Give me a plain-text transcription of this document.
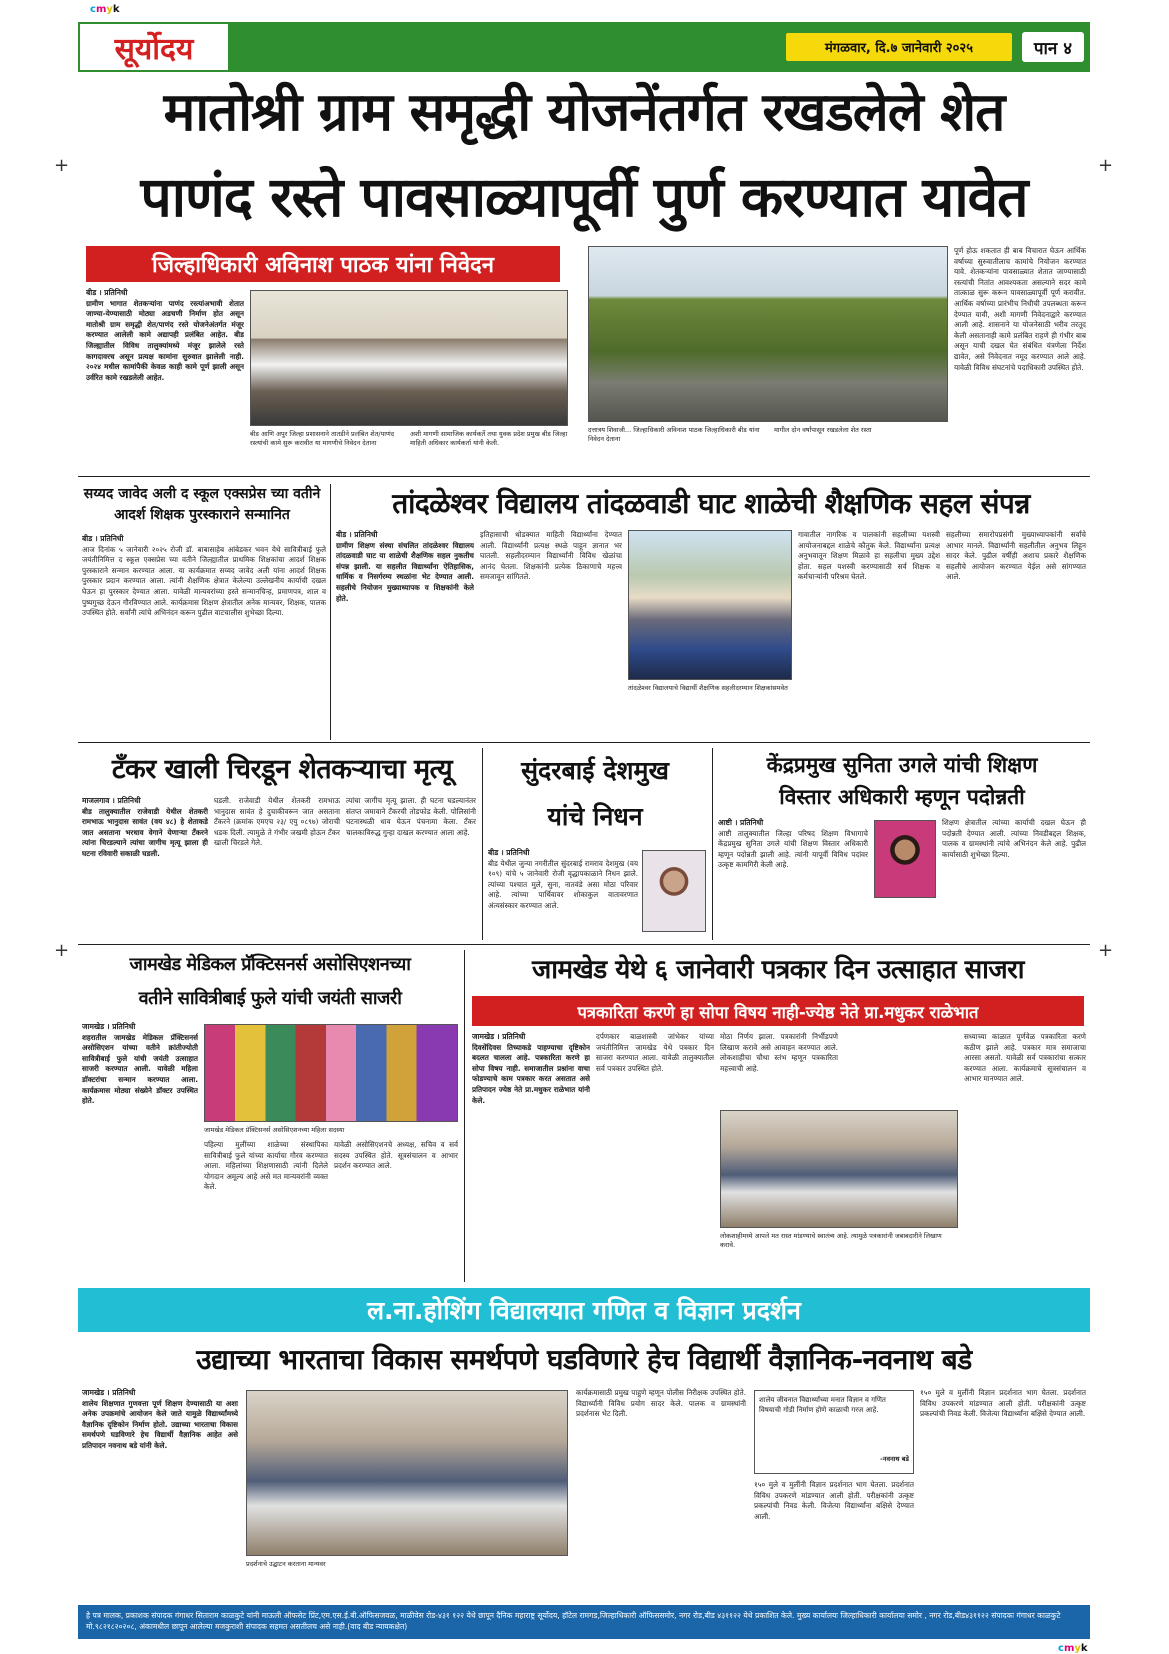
cmyk
cmyk
+	+
+	+
सूर्योदय	मंगळवार, दि.७ जानेवारी २०२५	पान ४
मातोश्री ग्राम समृद्धी योजनेंतर्गत रखडलेले शेत
पाणंद रस्ते पावसाळ्यापूर्वी पुर्ण करण्यात यावेत
जिल्हाधिकारी अविनाश पाठक यांना निवेदन
बीड । प्रतिनिधी
ग्रामीण भागात शेतकऱ्यांना पाणंद रस्त्यांअभावी शेतात जाण्या-येण्यासाठी मोठ्या अडचणी निर्माण होत असून मातोश्री ग्राम समृद्धी शेत/पाणंद रस्ते योजनेअंतर्गत मंजूर करण्यात आलेली कामे अद्यापही प्रलंबित आहेत. बीड जिल्ह्यातील विविध तालुक्यांमध्ये मंजूर झालेले रस्ते कागदावरच असून प्रत्यक्ष कामांना सुरुवात झालेली नाही. २०२४ मधील कामांपैकी केवळ काही कामे पूर्ण झाली असून उर्वरित कामे रखडलेली आहेत.
बीड आणि अपुर जिल्हा प्रशासनाने तातडीने प्रलंबित शेत/पाणंद रस्त्यांची कामे सुरू करावीत या मागणीचे निवेदन देताना
अशी मागणी सामाजिक कार्यकर्ते तथा युवक प्रदेश प्रमुख बीड जिल्हा माहिती अधिकार कार्यकर्ता यांनी केली.
दत्तात्रय शिवाजी... जिल्हाधिकारी अविनाश पाठक जिल्हाधिकारी बीड यांना निवेदन देताना
मागील दोन वर्षांपासून रखडलेला शेत रस्ता
पूर्ण होऊ शकतात ही बाब विचारात घेऊन आर्थिक वर्षाच्या सुरुवातीलाच कामांचे नियोजन करण्यात यावे. शेतकऱ्यांना पावसाळ्यात शेतात जाण्यासाठी रस्त्यांची नितांत आवश्यकता असल्याने सदर कामे तात्काळ सुरू करून पावसाळ्यापूर्वी पूर्ण करावीत. आर्थिक वर्षाच्या प्रारंभीच निधीची उपलब्धता करून देण्यात यावी, अशी मागणी निवेदनाद्वारे करण्यात आली आहे. शासनाने या योजनेसाठी भरीव तरतूद केली असतानाही कामे प्रलंबित राहणे ही गंभीर बाब असून याची दखल घेत संबंधित यंत्रणेला निर्देश द्यावेत, असे निवेदनात नमूद करण्यात आले आहे. यावेळी विविध संघटनांचे पदाधिकारी उपस्थित होते.
सय्यद जावेद अली द स्कूल एक्सप्रेस च्या वतीने आदर्श शिक्षक पुरस्काराने सन्मानित
बीड । प्रतिनिधी
आज दिनांक ५ जानेवारी २०२५ रोजी डॉ. बाबासाहेब आंबेडकर भवन येथे सावित्रीबाई फुले जयंतीनिमित्त द स्कूल एक्सप्रेस च्या वतीने जिल्ह्यातील प्राथमिक शिक्षकांचा आदर्श शिक्षक पुरस्काराने सन्मान करण्यात आला. या कार्यक्रमात सय्यद जावेद अली यांना आदर्श शिक्षक पुरस्कार प्रदान करण्यात आला. त्यांनी शैक्षणिक क्षेत्रात केलेल्या उल्लेखनीय कार्याची दखल घेऊन हा पुरस्कार देण्यात आला. यावेळी मान्यवरांच्या हस्ते सन्मानचिन्ह, प्रमाणपत्र, शाल व पुष्पगुच्छ देऊन गौरविण्यात आले. कार्यक्रमास शिक्षण क्षेत्रातील अनेक मान्यवर, शिक्षक, पालक उपस्थित होते. सर्वांनी त्यांचे अभिनंदन करून पुढील वाटचालीस शुभेच्छा दिल्या.
तांदळेश्वर विद्यालय तांदळवाडी घाट शाळेची शैक्षणिक सहल संपन्न
बीड । प्रतिनिधी
ग्रामीण शिक्षण संस्था संचलित तांदळेश्वर विद्यालय तांदळवाडी घाट या शाळेची शैक्षणिक सहल नुकतीच संपन्न झाली. या सहलीत विद्यार्थ्यांना ऐतिहासिक, धार्मिक व निसर्गरम्य स्थळांना भेट देण्यात आली. सहलीचे नियोजन मुख्याध्यापक व शिक्षकांनी केले होते.
इतिहासाची थोडक्यात माहिती विद्यार्थ्यांना देण्यात आली. विद्यार्थ्यांनी प्रत्यक्ष स्थळे पाहून ज्ञानात भर घातली. सहलीदरम्यान विद्यार्थ्यांनी विविध खेळांचा आनंद घेतला. शिक्षकांनी प्रत्येक ठिकाणाचे महत्त्व समजावून सांगितले.
तांदळेश्वर विद्यालयाचे विद्यार्थी शैक्षणिक सहलीदरम्यान शिक्षकांसमवेत
गावातील नागरिक व पालकांनी सहलीच्या यशस्वी आयोजनाबद्दल शाळेचे कौतुक केले. विद्यार्थ्यांना प्रत्यक्ष अनुभवातून शिक्षण मिळावे हा सहलीचा मुख्य उद्देश होता. सहल यशस्वी करण्यासाठी सर्व शिक्षक व कर्मचाऱ्यांनी परिश्रम घेतले.
सहलीच्या समारोपप्रसंगी मुख्याध्यापकांनी सर्वांचे आभार मानले. विद्यार्थ्यांनी सहलीतील अनुभव लिहून सादर केले. पुढील वर्षीही अशाच प्रकारे शैक्षणिक सहलीचे आयोजन करण्यात येईल असे सांगण्यात आले.
टँकर खाली चिरडून शेतकऱ्याचा मृत्यू
माजलगाव । प्रतिनिधी
बीड तालुक्यातील राजेवाडी येथील शेतकरी रामभाऊ भानुदास सावंत (वय ४८) हे शेताकडे जात असताना भरधाव वेगाने येणाऱ्या टँकरने त्यांना चिरडल्याने त्यांचा जागीच मृत्यू झाला ही घटना रविवारी सकाळी घडली.
घडली. राजेवाडी येथील शेतकरी रामभाऊ भानुदास सावंत हे दुचाकीवरून जात असताना टँकरने (क्रमांक एमएच २३/ एयु ०८९७) जोराची धडक दिली. त्यामुळे ते गंभीर जखमी होऊन टँकर खाली चिरडले गेले.
त्यांचा जागीच मृत्यू झाला. ही घटना घडल्यानंतर संतप्त जमावाने टँकरची तोडफोड केली. पोलिसांनी घटनास्थळी धाव घेऊन पंचनामा केला. टँकर चालकाविरुद्ध गुन्हा दाखल करण्यात आला आहे.
सुंदरबाई देशमुख
यांचे निधन
बीड । प्रतिनिधी
बीड येथील जुन्या नगरीतील सुंदरबाई रामराव देशमुख (वय १०९) यांचे ५ जानेवारी रोजी वृद्धापकाळाने निधन झाले. त्यांच्या पश्चात मुले, सुना, नातवंडे असा मोठा परिवार आहे. त्यांच्या पार्थिवावर शोकाकुल वातावरणात अंत्यसंस्कार करण्यात आले.
केंद्रप्रमुख सुनिता उगले यांची शिक्षण
विस्तार अधिकारी म्हणून पदोन्नती
आष्टी । प्रतिनिधी
आष्टी तालुक्यातील जिल्हा परिषद शिक्षण विभागाचे केंद्रप्रमुख सुनिता उगले यांची शिक्षण विस्तार अधिकारी म्हणून पदोन्नती झाली आहे. त्यांनी यापूर्वी विविध पदांवर उत्कृष्ट कामगिरी केली आहे.
शिक्षण क्षेत्रातील त्यांच्या कार्याची दखल घेऊन ही पदोन्नती देण्यात आली. त्यांच्या निवडीबद्दल शिक्षक, पालक व ग्रामस्थांनी त्यांचे अभिनंदन केले आहे. पुढील कार्यासाठी शुभेच्छा दिल्या.
जामखेड मेडिकल प्रॅक्टिसनर्स असोसिएशनच्या
वतीने सावित्रीबाई फुले यांची जयंती साजरी
जामखेड । प्रतिनिधी
शहरातील जामखेड मेडिकल प्रॅक्टिसनर्स असोसिएशन यांच्या वतीने क्रांतीज्योती सावित्रीबाई फुले यांची जयंती उत्साहात साजरी करण्यात आली. यावेळी महिला डॉक्टरांचा सन्मान करण्यात आला. कार्यक्रमास मोठ्या संख्येने डॉक्टर उपस्थित होते.
जामखेड मेडिकल प्रॅक्टिसनर्स असोसिएशनच्या महिला सदस्या
पहिल्या मुलींच्या शाळेच्या संस्थापिका सावित्रीबाई फुले यांच्या कार्याचा गौरव करण्यात आला. महिलांच्या शिक्षणासाठी त्यांनी दिलेले योगदान अमूल्य आहे असे मत मान्यवरांनी व्यक्त केले.
यावेळी असोसिएशनचे अध्यक्ष, सचिव व सर्व सदस्य उपस्थित होते. सूत्रसंचालन व आभार प्रदर्शन करण्यात आले.
जामखेड येथे ६ जानेवारी पत्रकार दिन उत्साहात साजरा
पत्रकारिता करणे हा सोपा विषय नाही-ज्येष्ठ नेते प्रा.मधुकर राळेभात
जामखेड । प्रतिनिधी
दिवसेंदिवस तिच्याकडे पाहण्याचा दृष्टिकोन बदलत चालला आहे. पत्रकारिता करणे हा सोपा विषय नाही. समाजातील प्रश्नांना वाचा फोडण्याचे काम पत्रकार करत असतात असे प्रतिपादन ज्येष्ठ नेते प्रा.मधुकर राळेभात यांनी केले.
दर्पणकार बाळशास्त्री जांभेकर यांच्या जयंतीनिमित्त जामखेड येथे पत्रकार दिन साजरा करण्यात आला. यावेळी तालुक्यातील सर्व पत्रकार उपस्थित होते.
मोठा निर्णय झाला. पत्रकारांनी निर्भीडपणे लिखाण करावे असे आवाहन करण्यात आले. लोकशाहीचा चौथा स्तंभ म्हणून पत्रकारिता महत्त्वाची आहे.
लोकशाहीमध्ये आपले मत रास्त मांडण्याचे स्वातंत्र्य आहे. त्यामुळे पत्रकारांनी जबाबदारीने लिखाण करावे.
सध्याच्या काळात पूर्णवेळ पत्रकारिता करणे कठीण झाले आहे. पत्रकार मात्र समाजाचा आरसा असतो. यावेळी सर्व पत्रकारांचा सत्कार करण्यात आला. कार्यक्रमाचे सूत्रसंचालन व आभार मानण्यात आले.
ल.ना.होशिंग विद्यालयात गणित व विज्ञान प्रदर्शन
उद्याच्या भारताचा विकास समर्थपणे घडविणारे हेच विद्यार्थी वैज्ञानिक-नवनाथ बडे
जामखेड । प्रतिनिधी
शालेय शिक्षणात गुणवत्ता पूर्ण शिक्षण देण्यासाठी या अशा अनेक उपक्रमांचे आयोजन केले जाते यामुळे विद्यार्थ्यांमध्ये वैज्ञानिक दृष्टिकोन निर्माण होतो. उद्याच्या भारताचा विकास समर्थपणे घडविणारे हेच विद्यार्थी वैज्ञानिक आहेत असे प्रतिपादन नवनाथ बडे यांनी केले.
प्रदर्शनाचे उद्घाटन करताना मान्यवर
कार्यक्रमासाठी प्रमुख पाहुणे म्हणून पोलीस निरीक्षक उपस्थित होते. विद्यार्थ्यांनी विविध प्रयोग सादर केले. पालक व ग्रामस्थांनी प्रदर्शनास भेट दिली.
शालेय जीवनात विद्यार्थ्यांच्या मनात विज्ञान व गणित विषयाची गोडी निर्माण होणे काळाची गरज आहे.
-नवनाथ बडे
१५० मुले व मुलींनी विज्ञान प्रदर्शनात भाग घेतला. प्रदर्शनात विविध उपकरणे मांडण्यात आली होती. परीक्षकांनी उत्कृष्ट प्रकल्पांची निवड केली. विजेत्या विद्यार्थ्यांना बक्षिसे देण्यात आली.
१५० मुले व मुलींनी विज्ञान प्रदर्शनात भाग घेतला. प्रदर्शनात विविध उपकरणे मांडण्यात आली होती. परीक्षकांनी उत्कृष्ट प्रकल्पांची निवड केली. विजेत्या विद्यार्थ्यांना बक्षिसे देण्यात आली.
हे पत्र मालक, प्रकाशक संपादक गंगाधर सिताराम काळकुटे यांनी माऊली ऑफसेट प्रिंट,एम.एस.ई.बी.ऑफिसजवळ, माळीवेस रोड-४३१ १२२ येथे छापून दैनिक महाराष्ट्र सूर्योदय, हॉटेल रामगड,जिल्हाधिकारी ऑफिससमोर, नगर रोड,बीड ४३११२२ येथे प्रकाशित केले. मुख्य कार्यालयः जिल्हाधिकारी कार्यालया समोर , नगर रोड,बीड४३११२२ संपादकः गंगाधर काळकुटे मो.९८२१८२०२०८, अंकामधील छापून आलेल्या मजकुराशी संपादक सहमत असतीलच असे नाही.(वाद बीड न्यायकक्षेत)
